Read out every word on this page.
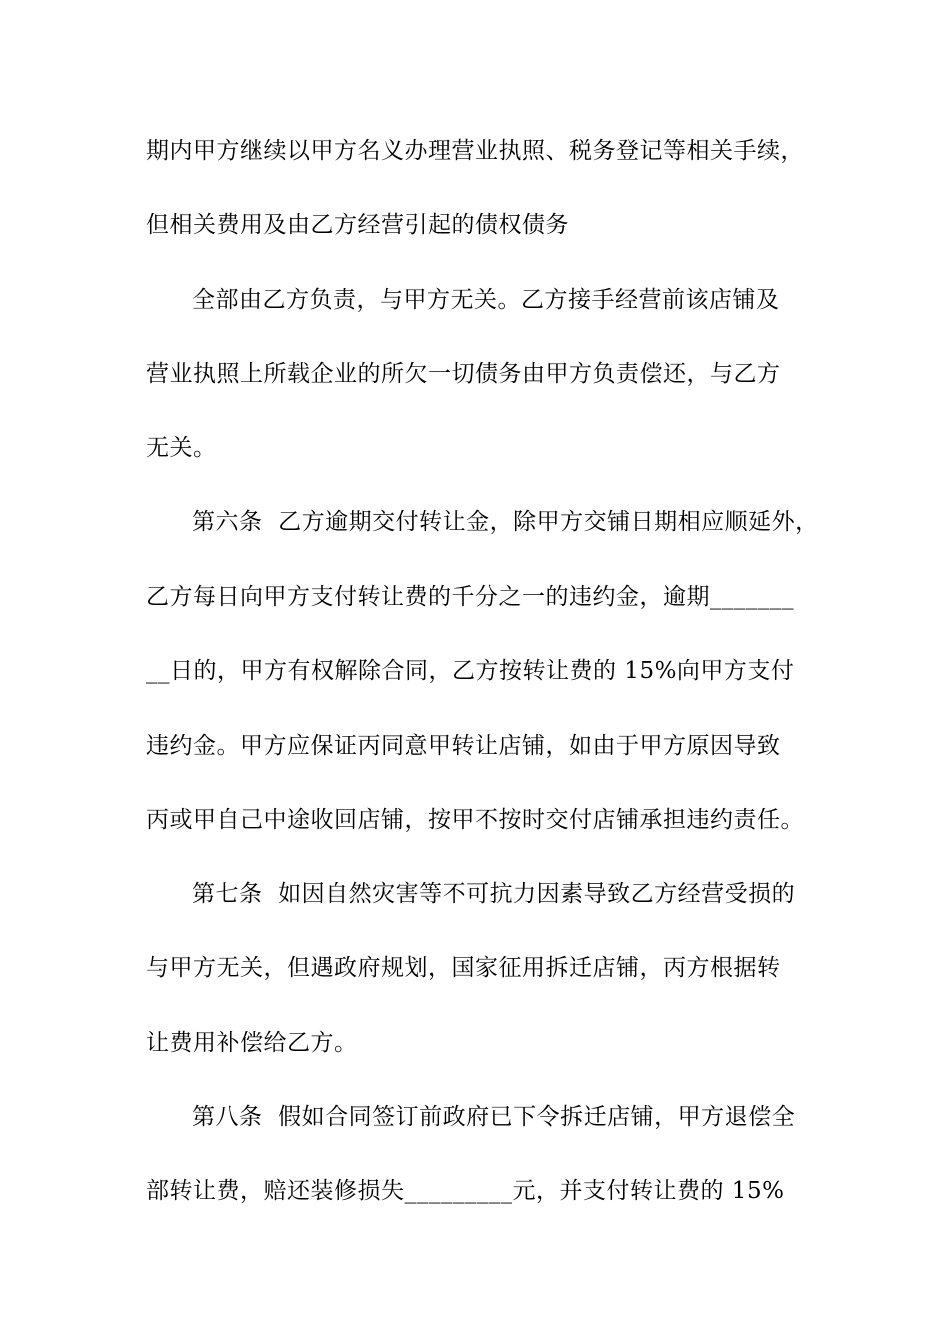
期内甲方继续以甲方名义办理营业执照、税务登记等相关手续，
但相关费用及由乙方经营引起的债权债务
全部由乙方负责，与甲方无关。乙方接手经营前该店铺及
营业执照上所载企业的所欠一切债务由甲方负责偿还，与乙方
无关。
第六条  乙方逾期交付转让金，除甲方交铺日期相应顺延外，
乙方每日向甲方支付转让费的千分之一的违约金，逾期_______
__日的，甲方有权解除合同，乙方按转让费的 15%向甲方支付
违约金。甲方应保证丙同意甲转让店铺，如由于甲方原因导致
丙或甲自己中途收回店铺，按甲不按时交付店铺承担违约责任。
第七条  如因自然灾害等不可抗力因素导致乙方经营受损的
与甲方无关，但遇政府规划，国家征用拆迁店铺，丙方根据转
让费用补偿给乙方。
第八条  假如合同签订前政府已下令拆迁店铺，甲方退偿全
部转让费，赔还装修损失_________元，并支付转让费的 15%
